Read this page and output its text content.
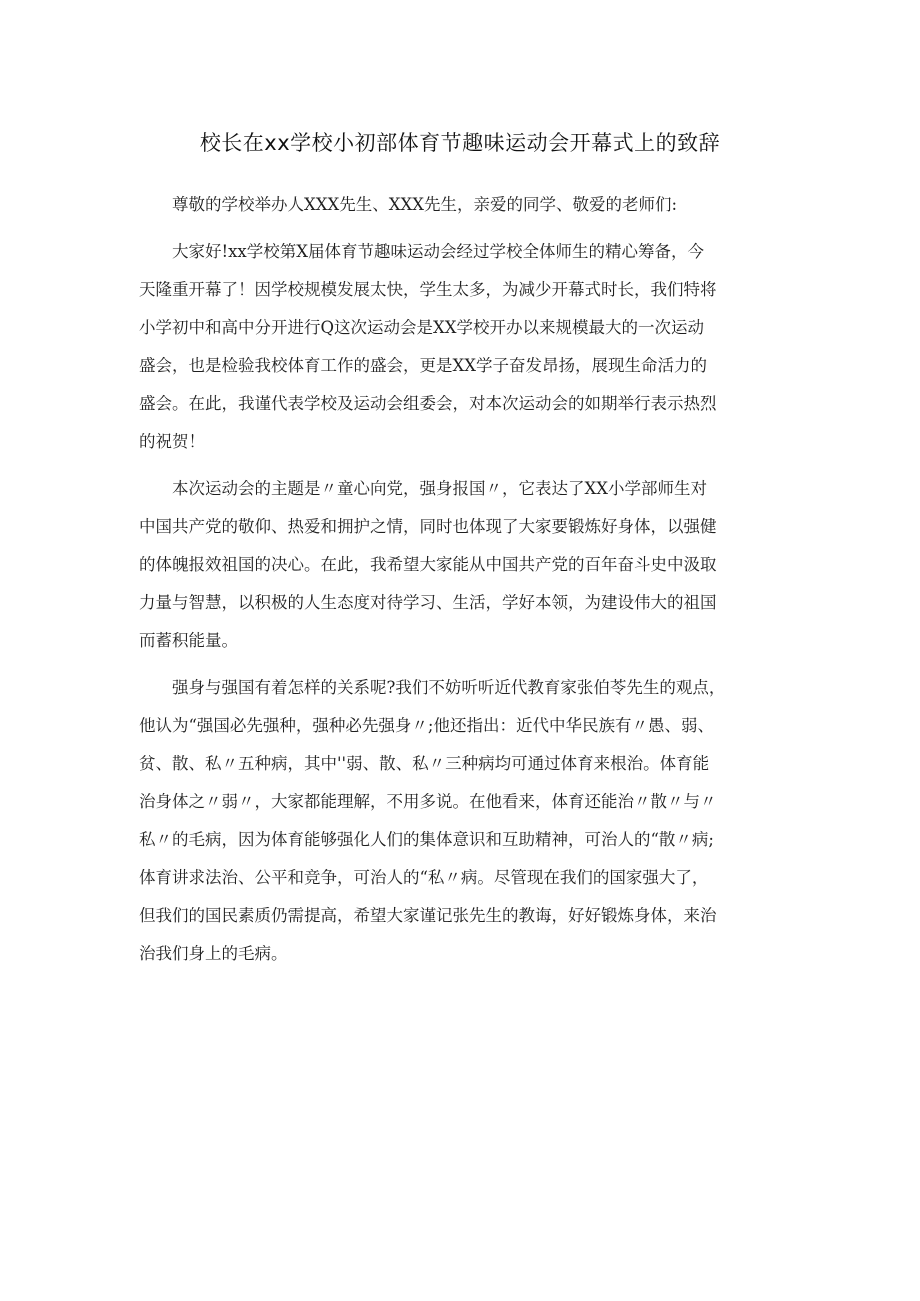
校长在xx学校小初部体育节趣味运动会开幕式上的致辞

尊敬的学校举办人XXX先生、XXX先生，亲爱的同学、敬爱的老师们:

大家好!xx学校第X届体育节趣味运动会经过学校全体师生的精心筹备，今
天隆重开幕了！因学校规模发展太快，学生太多，为减少开幕式时长，我们特将
小学初中和高中分开进行Q这次运动会是XX学校开办以来规模最大的一次运动
盛会，也是检验我校体育工作的盛会，更是XX学子奋发昂扬，展现生命活力的
盛会。在此，我谨代表学校及运动会组委会，对本次运动会的如期举行表示热烈
的祝贺！

本次运动会的主题是〃童心向党，强身报国〃，它表达了XX小学部师生对
中国共产党的敬仰、热爱和拥护之情，同时也体现了大家要锻炼好身体，以强健
的体魄报效祖国的决心。在此，我希望大家能从中国共产党的百年奋斗史中汲取
力量与智慧，以积极的人生态度对待学习、生活，学好本领，为建设伟大的祖国
而蓄积能量。

强身与强国有着怎样的关系呢?我们不妨听听近代教育家张伯苓先生的观点，
他认为“强国必先强种，强种必先强身〃;他还指出：近代中华民族有〃愚、弱、
贫、散、私〃五种病，其中''弱、散、私〃三种病均可通过体育来根治。体育能
治身体之〃弱〃，大家都能理解，不用多说。在他看来，体育还能治〃散〃与〃
私〃的毛病，因为体育能够强化人们的集体意识和互助精神，可治人的“散〃病;
体育讲求法治、公平和竞争，可治人的“私〃病。尽管现在我们的国家强大了，
但我们的国民素质仍需提高，希望大家谨记张先生的教诲，好好锻炼身体，来治
治我们身上的毛病。
